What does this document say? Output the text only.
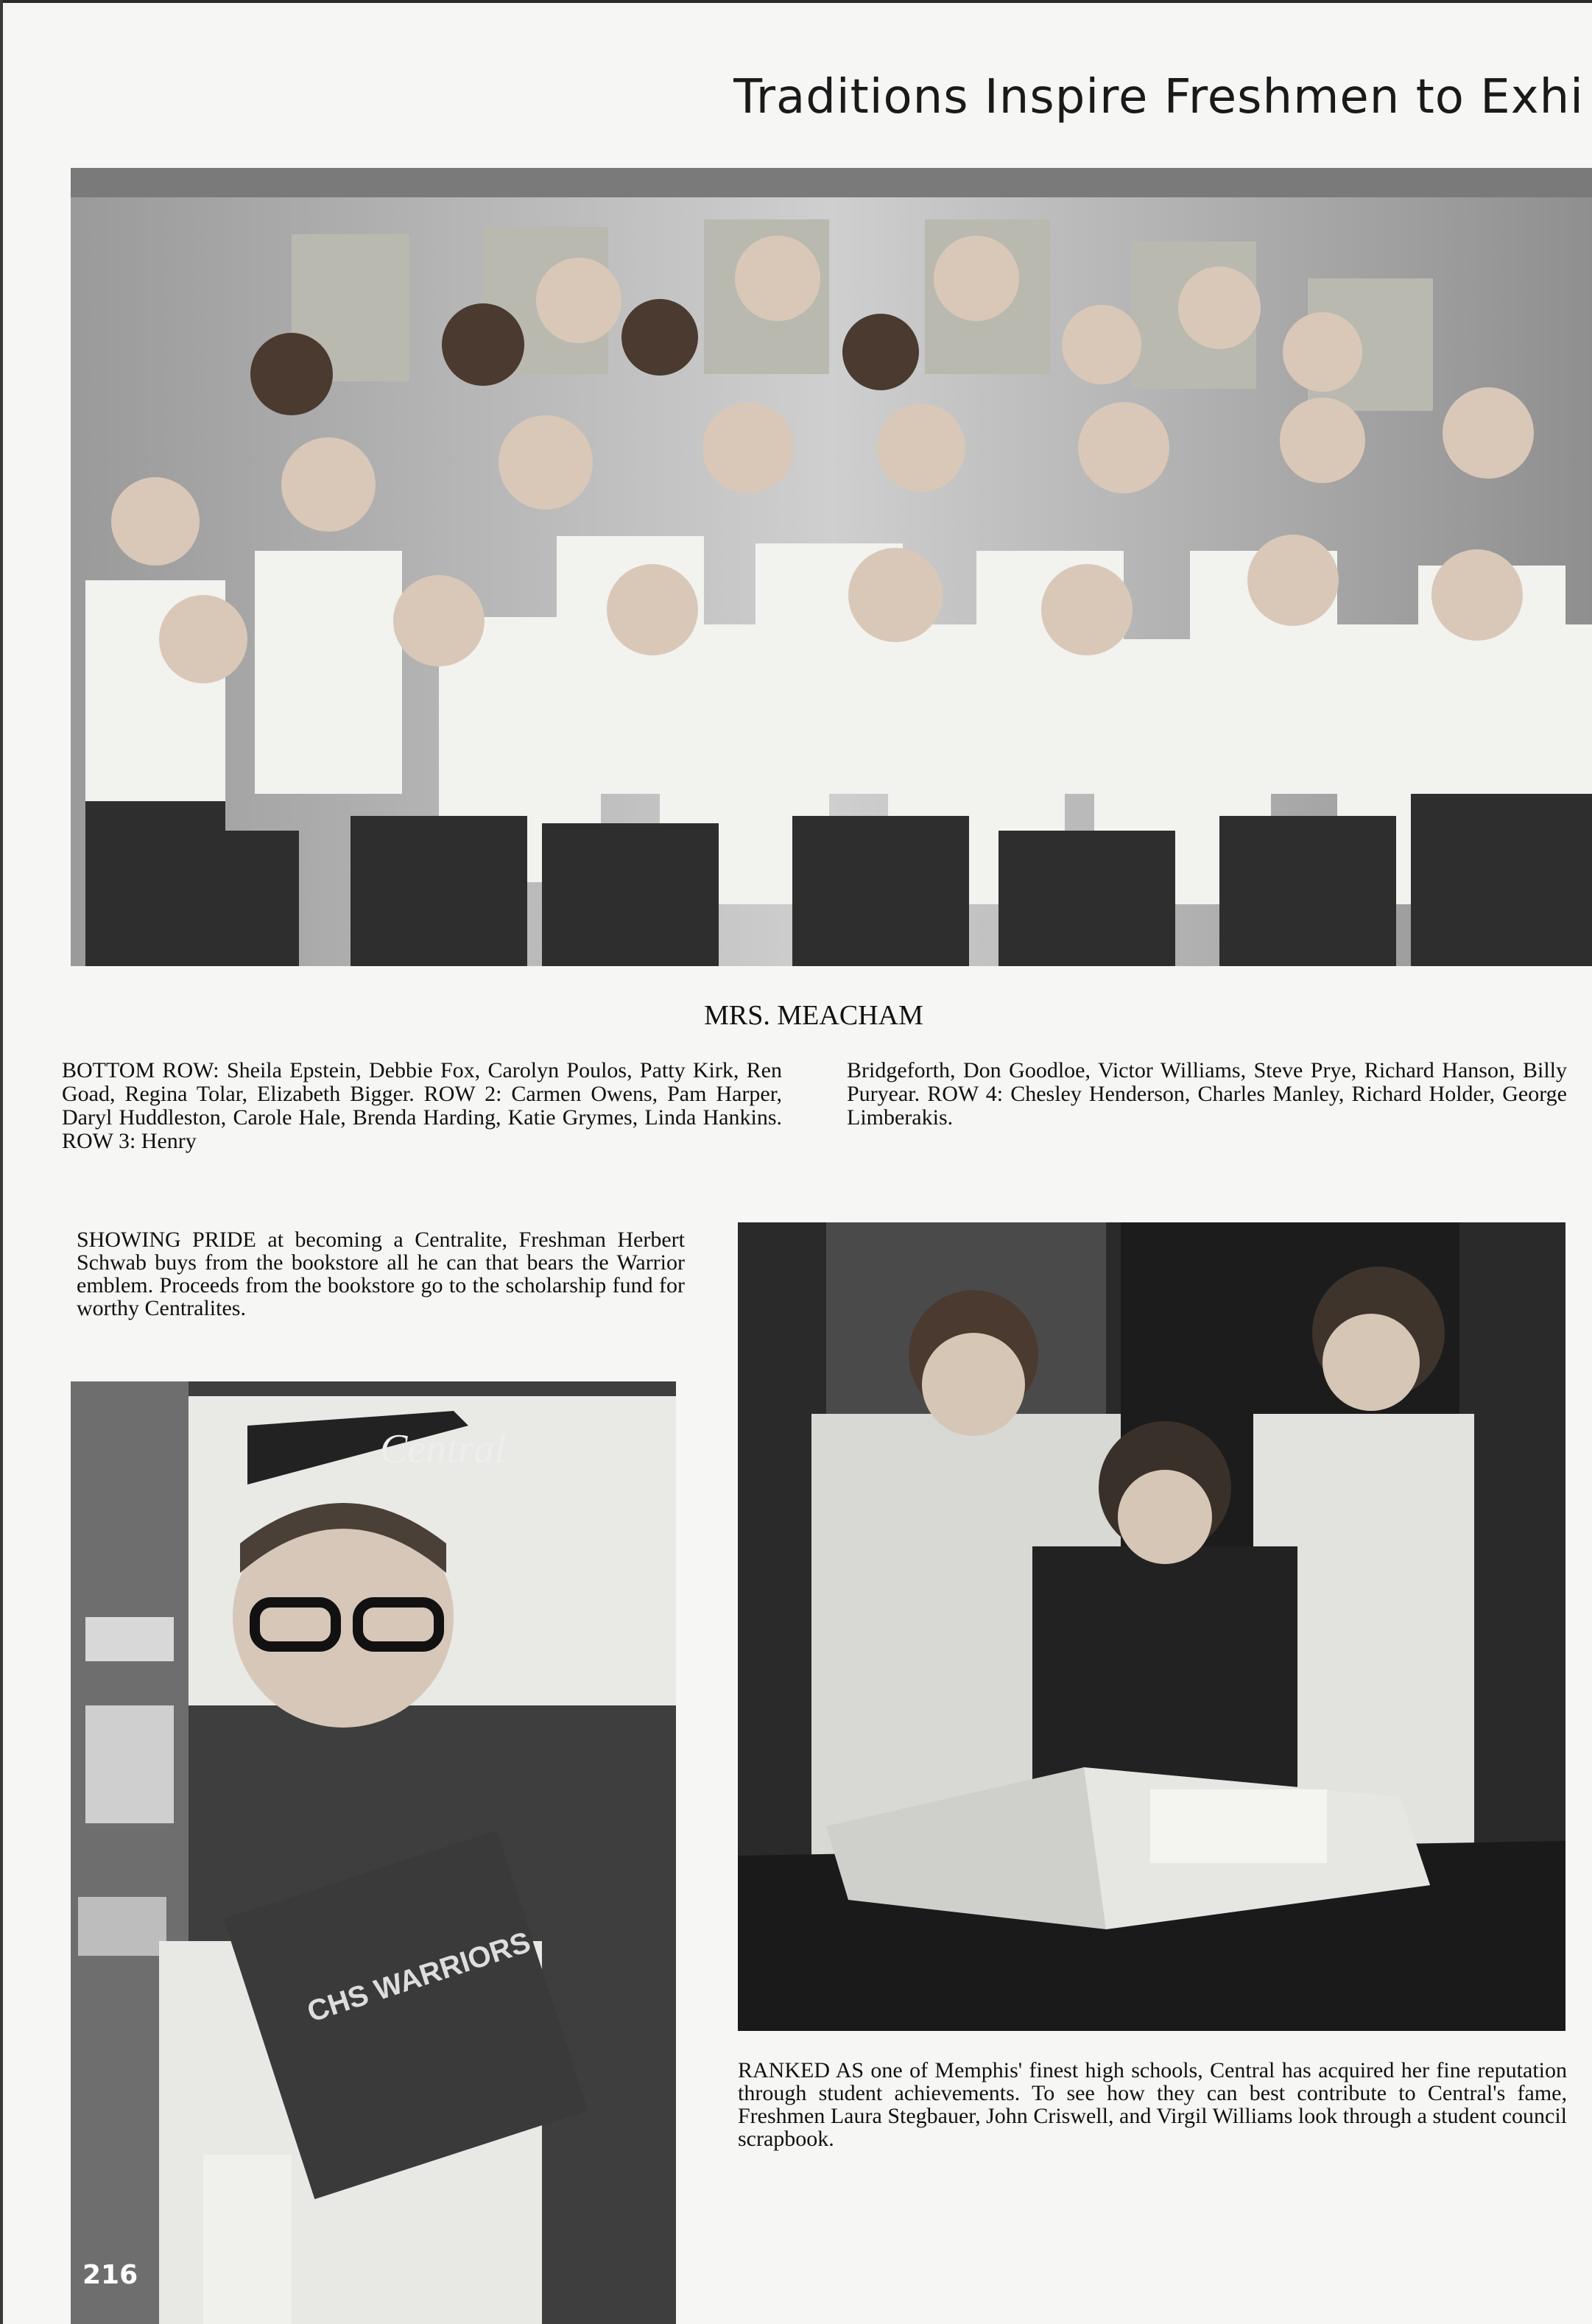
Traditions Inspire Freshmen to Exhi
MRS. MEACHAM
BOTTOM ROW: Sheila Epstein, Debbie Fox, Carolyn Poulos, Patty Kirk, Ren Goad, Regina Tolar, Elizabeth Bigger. ROW 2: Carmen Owens, Pam Harper, Daryl Huddleston, Carole Hale, Brenda Harding, Katie Grymes, Linda Hankins. ROW 3: Henry
Bridgeforth, Don Goodloe, Victor Williams, Steve Prye, Richard Hanson, Billy Puryear. ROW 4: Chesley Henderson, Charles Manley, Richard Holder, George Limberakis.
SHOWING PRIDE at becoming a Centralite, Freshman Herbert Schwab buys from the bookstore all he can that bears the Warrior emblem. Proceeds from the bookstore go to the scholarship fund for worthy Centralites.
Central
CHS WARRIORS
RANKED AS one of Memphis' finest high schools, Central has acquired her fine reputation through student achievements. To see how they can best contribute to Central's fame, Freshmen Laura Stegbauer, John Criswell, and Virgil Williams look through a student council scrapbook.
216
